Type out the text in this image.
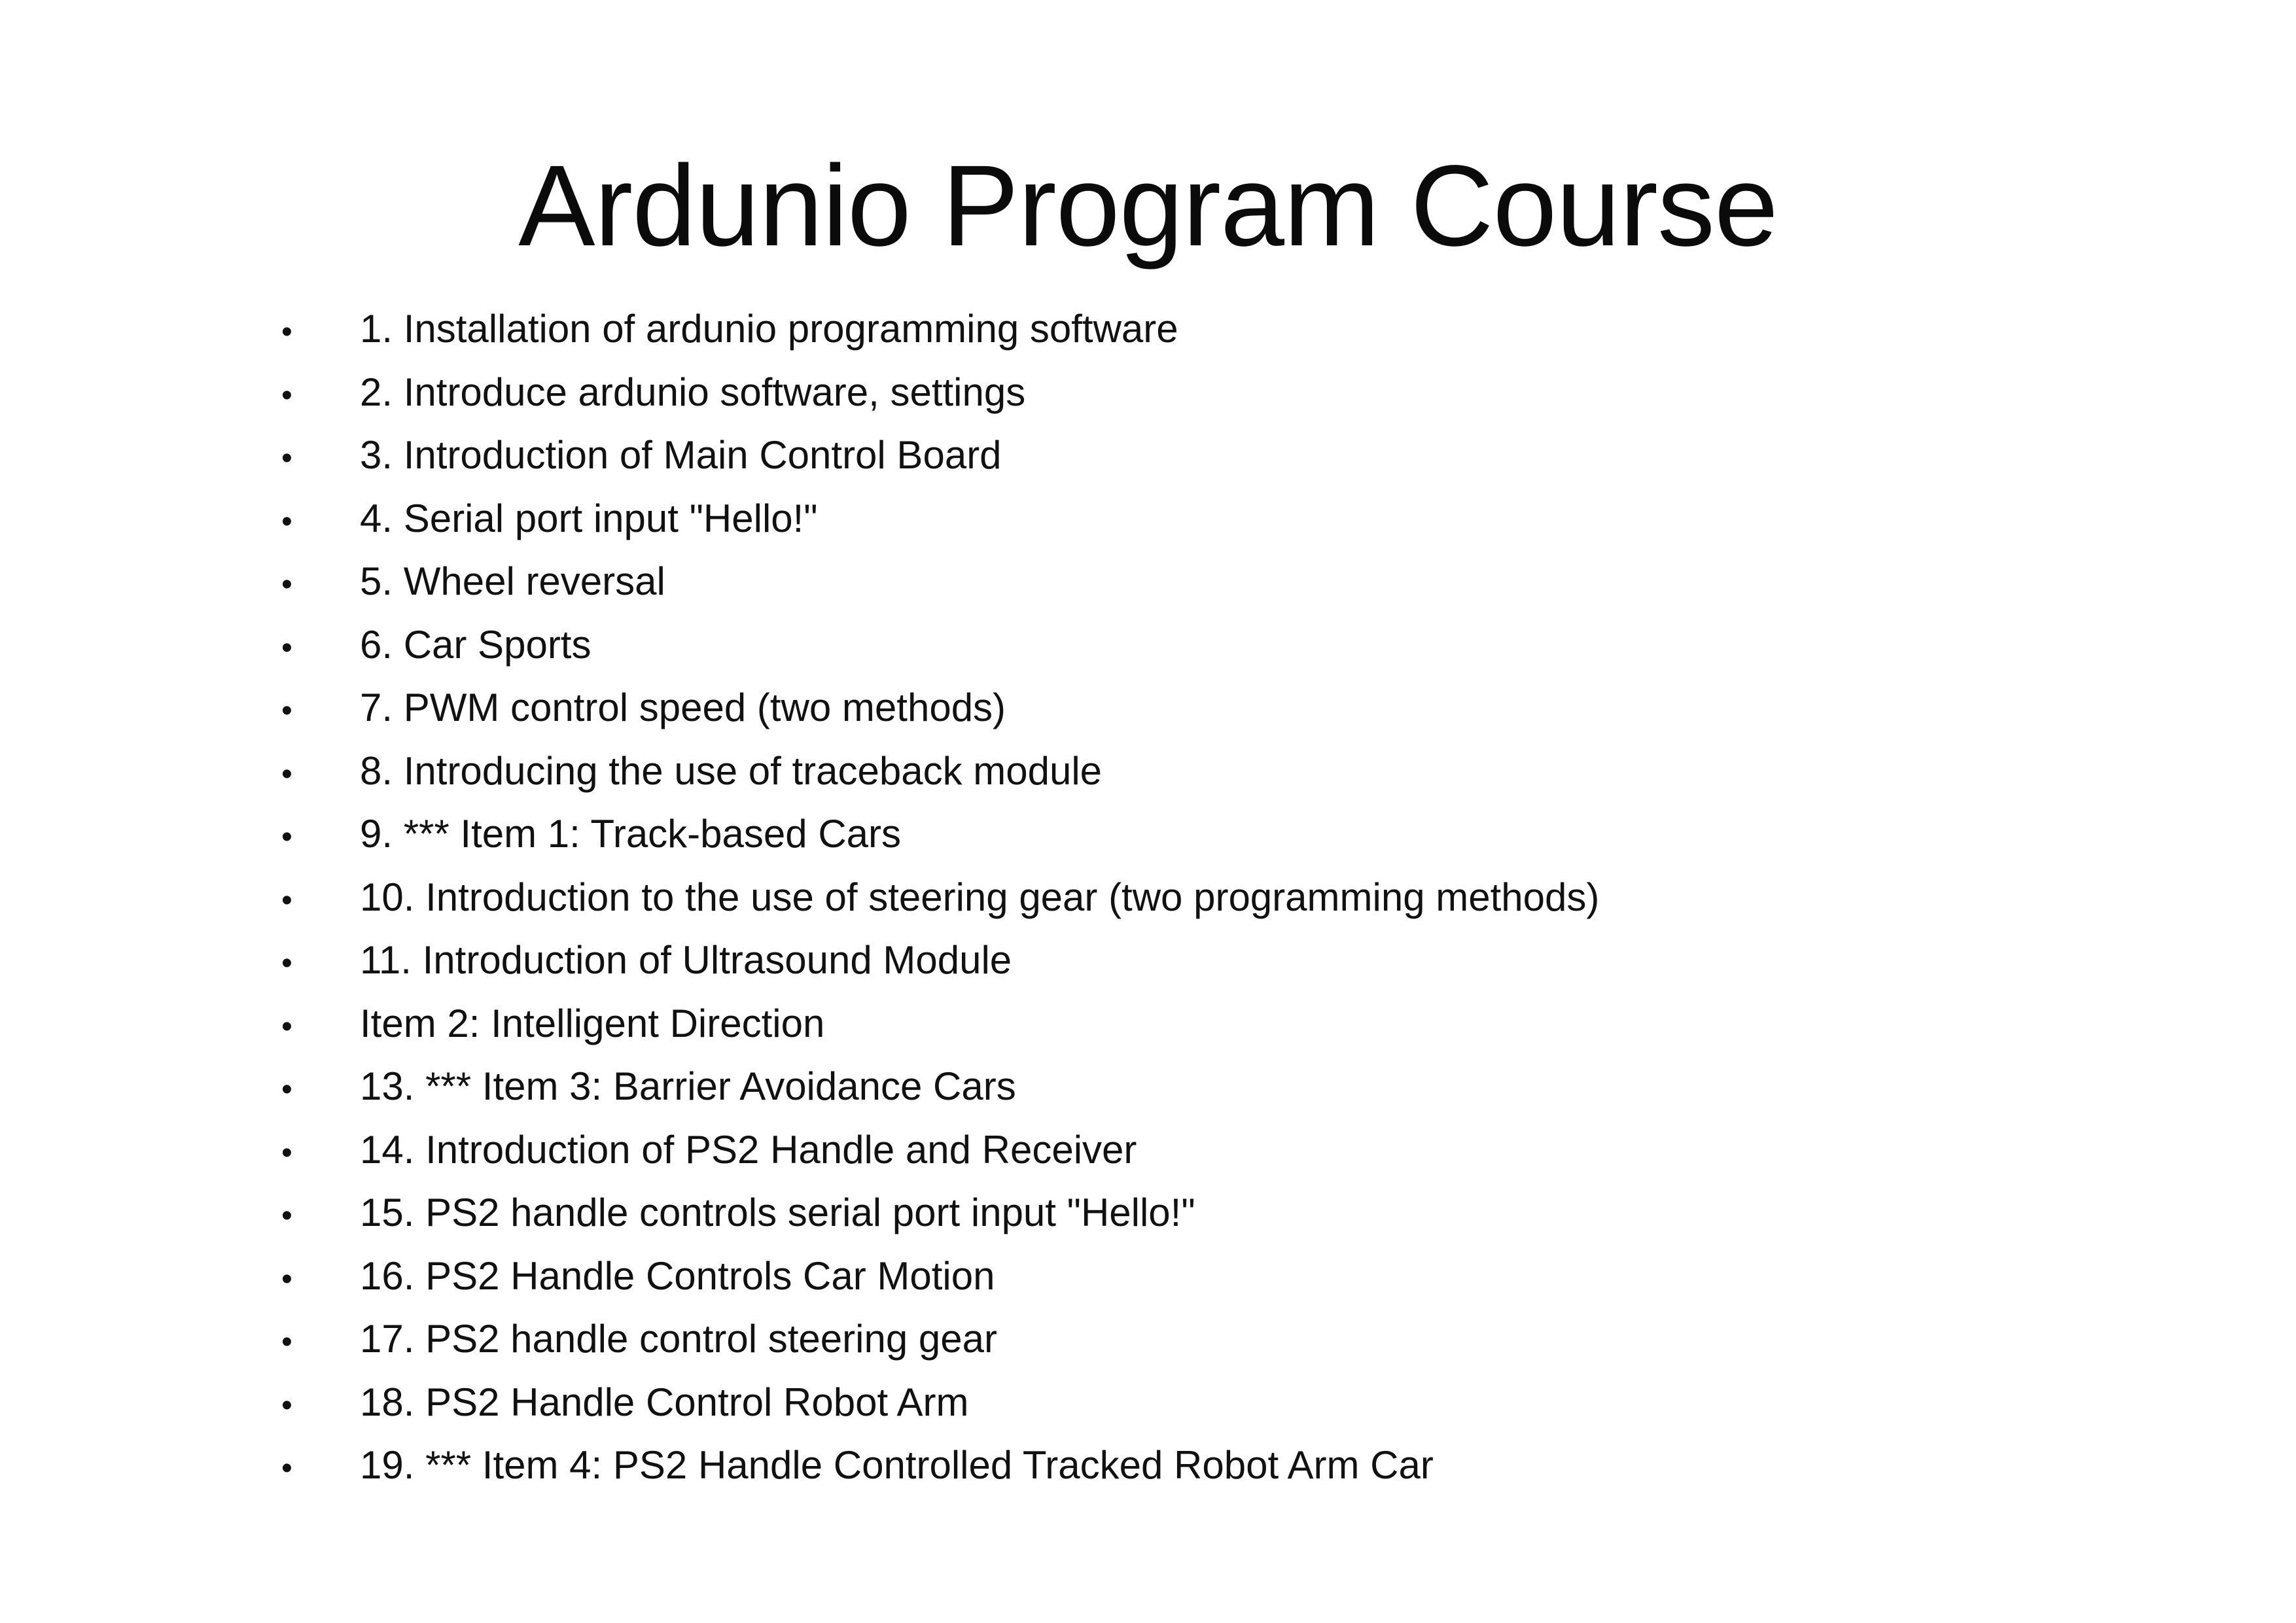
Ardunio Program Course
•	1. Installation of ardunio programming software
•	2. Introduce ardunio software, settings
•	3. Introduction of Main Control Board
•	4. Serial port input "Hello!"
•	5. Wheel reversal
•	6. Car Sports
•	7. PWM control speed (two methods)
•	8. Introducing the use of traceback module
•	9. *** Item 1: Track-based Cars
•	10. Introduction to the use of steering gear (two programming methods)
•	11. Introduction of Ultrasound Module
•	Item 2: Intelligent Direction
•	13. *** Item 3: Barrier Avoidance Cars
•	14. Introduction of PS2 Handle and Receiver
•	15. PS2 handle controls serial port input "Hello!"
•	16. PS2 Handle Controls Car Motion
•	17. PS2 handle control steering gear
•	18. PS2 Handle Control Robot Arm
•	19. *** Item 4: PS2 Handle Controlled Tracked Robot Arm Car
